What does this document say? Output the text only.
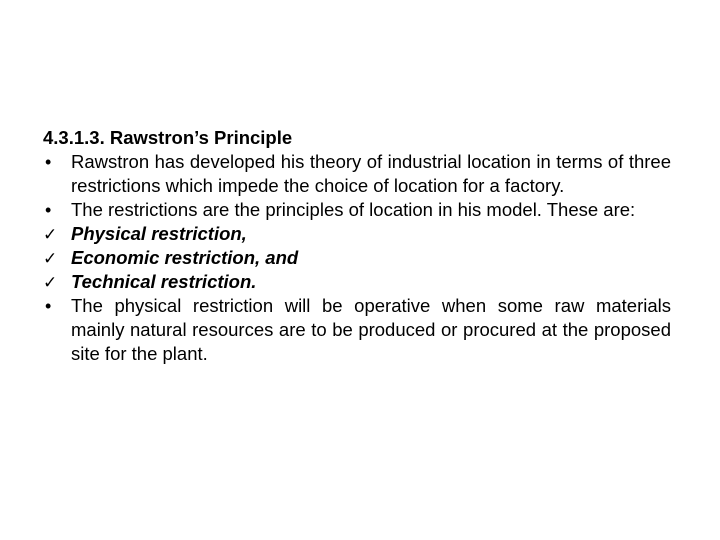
4.3.1.3. Rawstron’s Principle
•	Rawstron has developed his theory of industrial location in terms of three restrictions which impede the choice of location for a factory.
•	The restrictions are the principles of location in his model. These are:
✓ Physical restriction,
✓ Economic restriction, and
✓ Technical restriction.
•	The physical restriction will be operative when some raw materials mainly natural resources are to be produced or procured at the proposed site for the plant.
